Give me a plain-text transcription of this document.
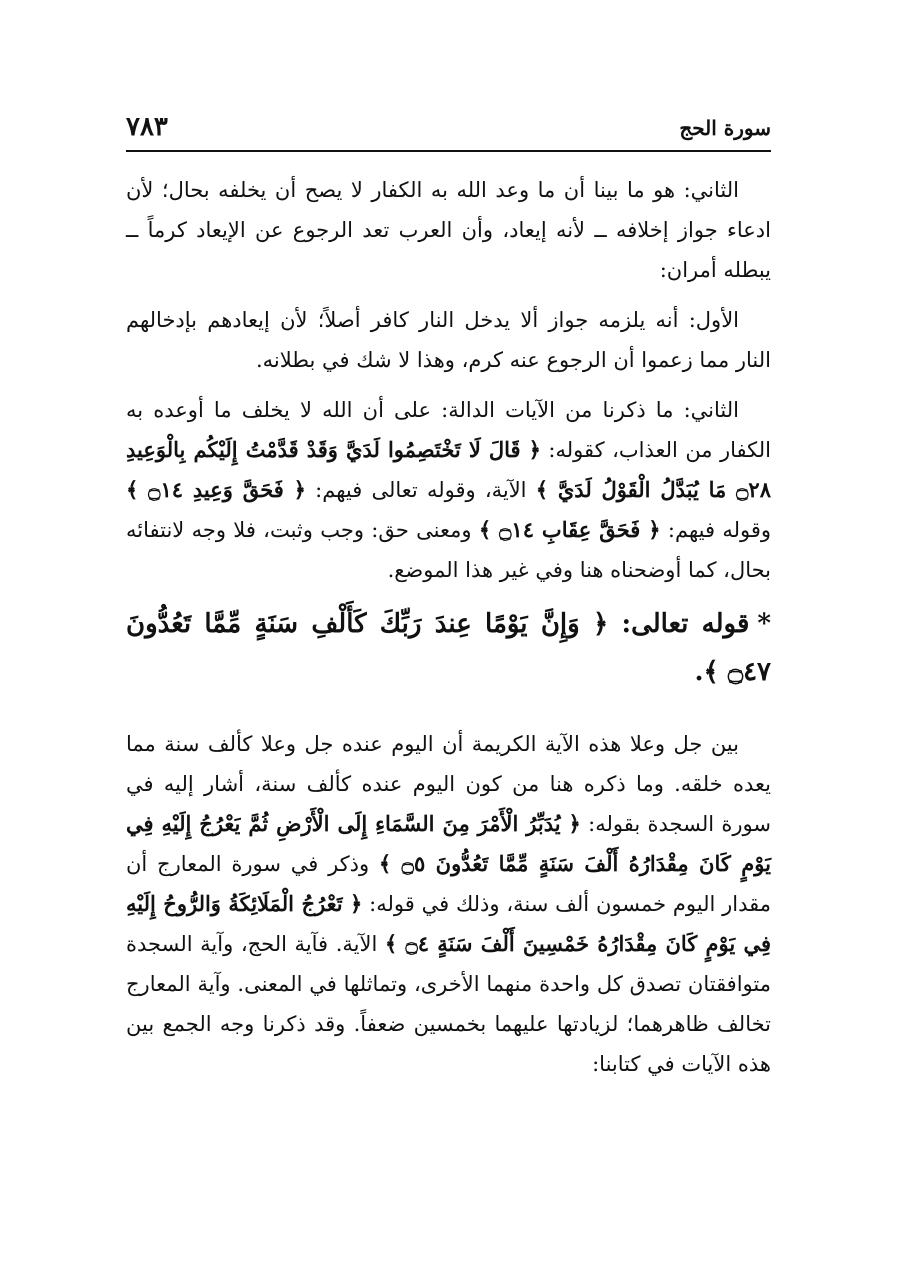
سورة الحج
٧٨٣

الثاني: هو ما بينا أن ما وعد الله به الكفار لا يصح أن يخلفه بحال؛ لأن ادعاء جواز إخلافه ــ لأنه إيعاد، وأن العرب تعد الرجوع عن الإيعاد كرماً ــ يبطله أمران:

الأول: أنه يلزمه جواز ألا يدخل النار كافر أصلاً؛ لأن إيعادهم بإدخالهم النار مما زعموا أن الرجوع عنه كرم، وهذا لا شك في بطلانه.

الثاني: ما ذكرنا من الآيات الدالة: على أن الله لا يخلف ما أوعده به الكفار من العذاب، كقوله: ﴿ قَالَ لَا تَخْتَصِمُوا لَدَيَّ وَقَدْ قَدَّمْتُ إِلَيْكُم بِالْوَعِيدِ ۝٢٨ مَا يُبَدَّلُ الْقَوْلُ لَدَيَّ ﴾ الآية، وقوله تعالى فيهم: ﴿ فَحَقَّ وَعِيدِ ۝١٤ ﴾ وقوله فيهم: ﴿ فَحَقَّ عِقَابِ ۝١٤ ﴾ ومعنى حق: وجب وثبت، فلا وجه لانتفائه بحال، كما أوضحناه هنا وفي غير هذا الموضع.

*قوله تعالى: ﴿ وَإِنَّ يَوْمًا عِندَ رَبِّكَ كَأَلْفِ سَنَةٍ مِّمَّا تَعُدُّونَ ۝٤٧ ﴾.

بين جل وعلا هذه الآية الكريمة أن اليوم عنده جل وعلا كألف سنة مما يعده خلقه. وما ذكره هنا من كون اليوم عنده كألف سنة، أشار إليه في سورة السجدة بقوله: ﴿ يُدَبِّرُ الْأَمْرَ مِنَ السَّمَاءِ إِلَى الْأَرْضِ ثُمَّ يَعْرُجُ إِلَيْهِ فِي يَوْمٍ كَانَ مِقْدَارُهُ أَلْفَ سَنَةٍ مِّمَّا تَعُدُّونَ ۝٥ ﴾ وذكر في سورة المعارج أن مقدار اليوم خمسون ألف سنة، وذلك في قوله: ﴿ تَعْرُجُ الْمَلَائِكَةُ وَالرُّوحُ إِلَيْهِ فِي يَوْمٍ كَانَ مِقْدَارُهُ خَمْسِينَ أَلْفَ سَنَةٍ ۝٤ ﴾ الآية. فآية الحج، وآية السجدة متوافقتان تصدق كل واحدة منهما الأخرى، وتماثلها في المعنى. وآية المعارج تخالف ظاهرهما؛ لزيادتها عليهما بخمسين ضعفاً. وقد ذكرنا وجه الجمع بين هذه الآيات في كتابنا:
